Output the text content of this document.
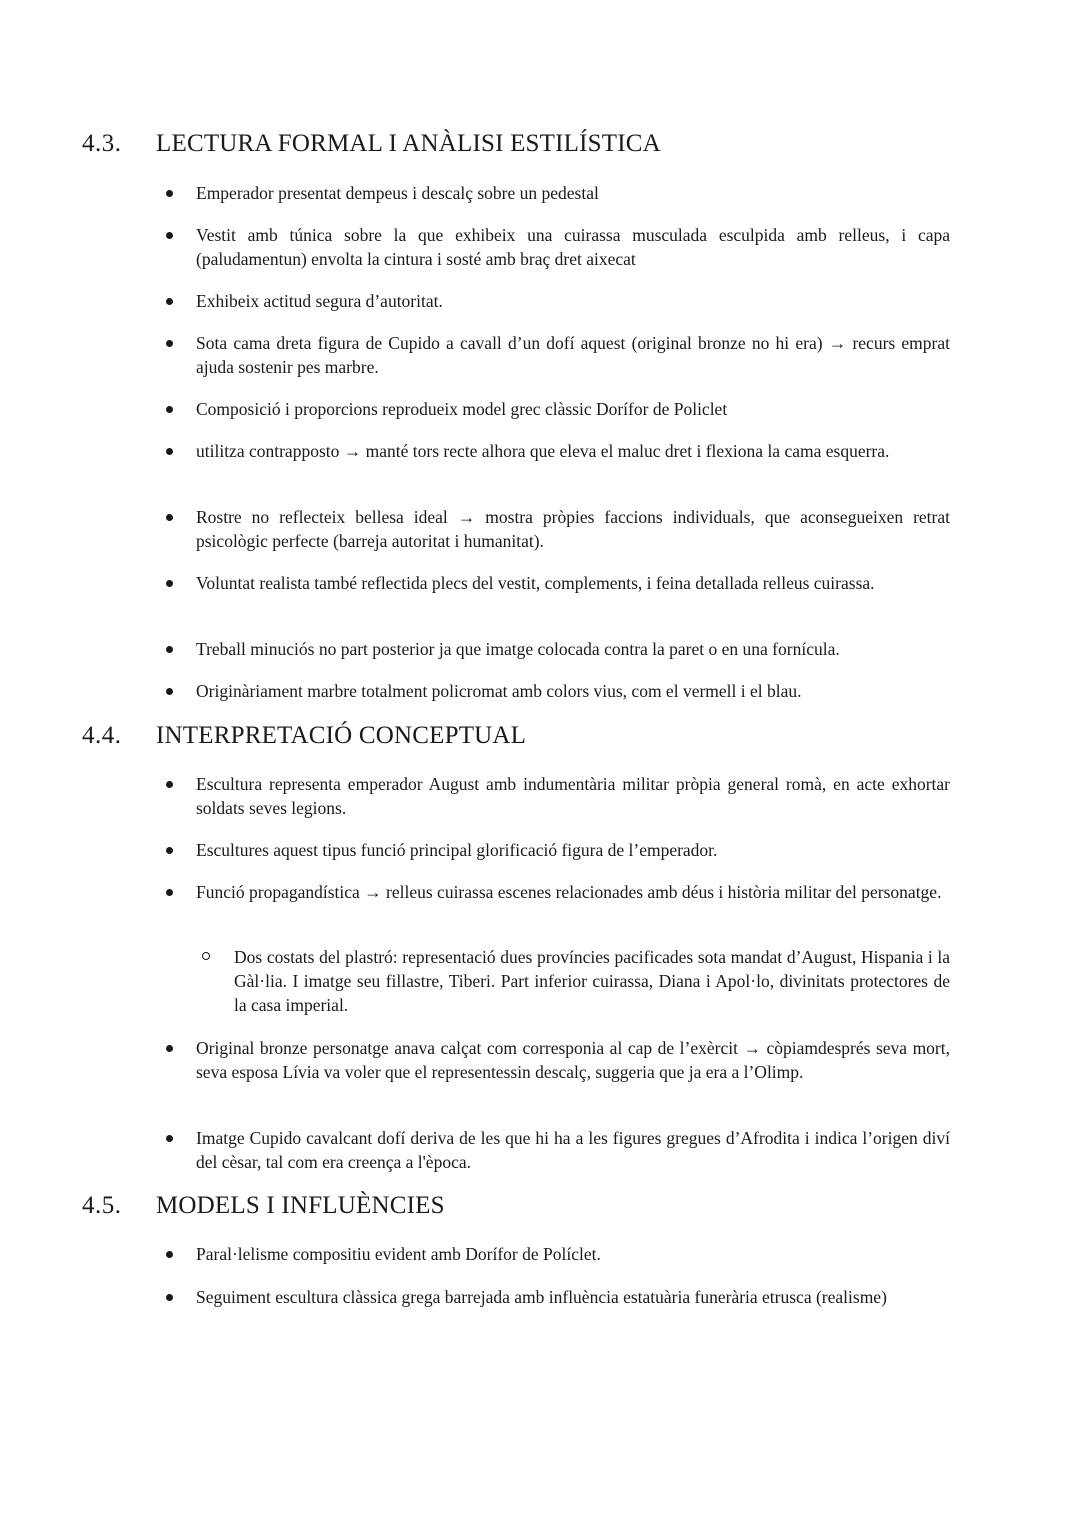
4.3. LECTURA FORMAL I ANÀLISI ESTILÍSTICA
Emperador presentat dempeus i descalç sobre un pedestal
Vestit amb túnica sobre la que exhibeix una cuirassa musculada esculpida amb relleus, i capa (paludamentun) envolta la cintura i sosté amb braç dret aixecat
Exhibeix actitud segura d’autoritat.
Sota cama dreta figura de Cupido a cavall d’un dofí aquest (original bronze no hi era) → recurs emprat ajuda sostenir pes marbre.
Composició i proporcions reprodueix model grec clàssic Dorífor de Policlet
utilitza contrapposto → manté tors recte alhora que eleva el maluc dret i flexiona la cama esquerra.
Rostre no reflecteix bellesa ideal → mostra pròpies faccions individuals, que aconsegueixen retrat psicològic perfecte (barreja autoritat i humanitat).
Voluntat realista també reflectida plecs del vestit, complements, i feina detallada relleus cuirassa.
Treball minuciós no part posterior ja que imatge colocada contra la paret o en una fornícula.
Originàriament marbre totalment policromat amb colors vius, com el vermell i el blau.
4.4. INTERPRETACIÓ CONCEPTUAL
Escultura representa emperador August amb indumentària militar pròpia general romà, en acte exhortar soldats seves legions.
Escultures aquest tipus funció principal glorificació figura de l’emperador.
Funció propagandística → relleus cuirassa escenes relacionades amb déus i història militar del personatge.
Dos costats del plastró: representació dues províncies pacificades sota mandat d’August, Hispania i la Gàl·lia. I imatge seu fillastre, Tiberi. Part inferior cuirassa, Diana i Apol·lo, divinitats protectores de la casa imperial.
Original bronze personatge anava calçat com corresponia al cap de l’exèrcit → còpiamdesprés seva mort, seva esposa Lívia va voler que el representessin descalç, suggeria que ja era a l’Olimp.
Imatge Cupido cavalcant dofí deriva de les que hi ha a les figures gregues d’Afrodita i indica l’origen diví del cèsar, tal com era creença a l'època.
4.5. MODELS I INFLUÈNCIES
Paral·lelisme compositiu evident amb Dorífor de Políclet.
Seguiment escultura clàssica grega barrejada amb influència estatuària funerària etrusca (realisme)
